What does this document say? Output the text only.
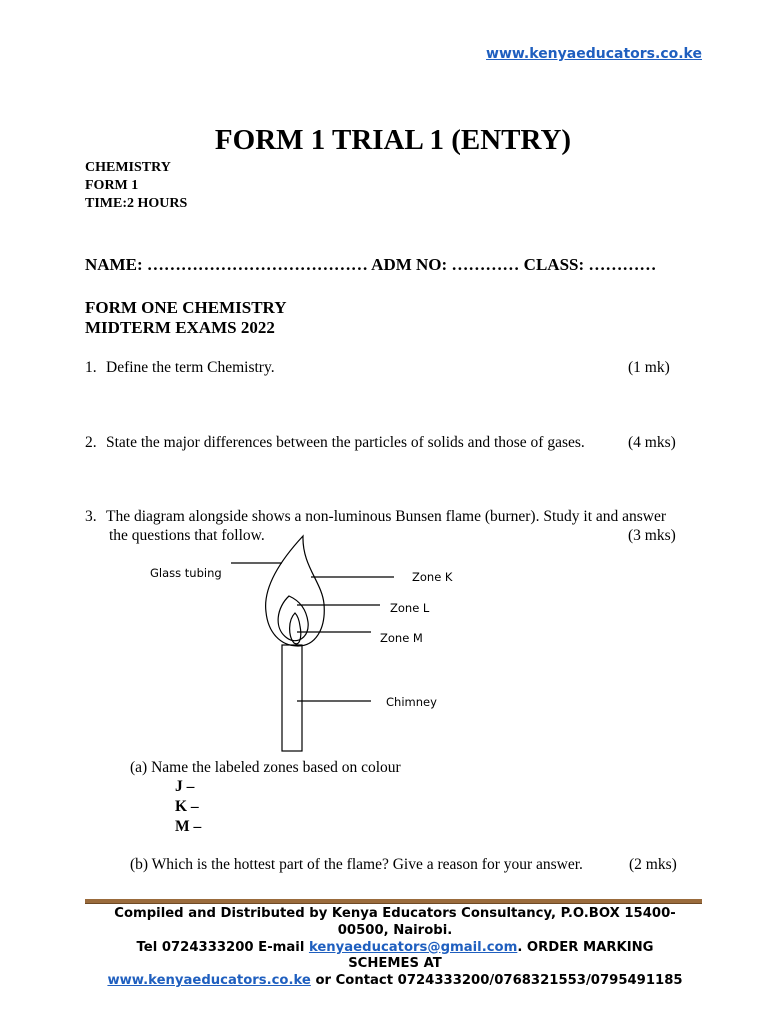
www.kenyaeducators.co.ke
FORM 1 TRIAL 1 (ENTRY)
CHEMISTRY
FORM 1
TIME:2 HOURS
NAME: ………………………………… ADM NO: ………… CLASS: …………
FORM ONE CHEMISTRY
MIDTERM EXAMS 2022
1. Define the term Chemistry.	(1 mk)
2. State the major differences between the particles of solids and those of gases.	(4 mks)
3. The diagram alongside shows a non-luminous Bunsen flame (burner). Study it and answer
the questions that follow.	(3 mks)
Glass tubing	Zone K
Zone L
Zone M
Chimney
(a) Name the labeled zones based on colour
J –
K –
M –
(b) Which is the hottest part of the flame? Give a reason for your answer.	(2 mks)
Compiled and Distributed by Kenya Educators Consultancy, P.O.BOX 15400-
00500, Nairobi.
Tel 0724333200 E-mail kenyaeducators@gmail.com. ORDER MARKING
SCHEMES AT
www.kenyaeducators.co.ke or Contact 0724333200/0768321553/0795491185
